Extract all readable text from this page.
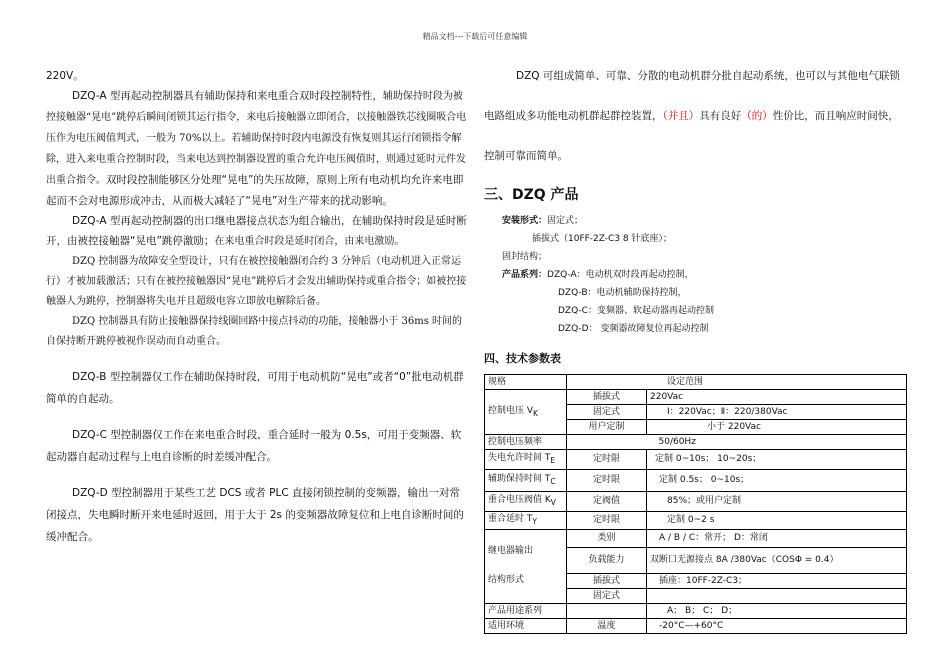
精品文档---下载后可任意编辑

220V。

DZQ-A 型再起动控制器具有辅助保持和来电重合双时段控制特性，辅助保持时段为被控接触器“晃电”跳停后瞬间闭锁其运行指令，来电后接触器立即闭合，以接触器铁芯线圈吸合电压作为电压阀值判式，一般为 70%以上。若辅助保持时段内电源没有恢复则其运行闭锁指令解除，进入来电重合控制时段，当来电达到控制器设置的重合允许电压阀值时，则通过延时元件发出重合指令。双时段控制能够区分处理“晃电”的失压故障，原则上所有电动机均允许来电即起而不会对电源形成冲击，从而极大减轻了“晃电”对生产带来的扰动影响。

DZQ-A 型再起动控制器的出口继电器接点状态为组合输出，在辅助保持时段是延时断开，由被控接触器“晃电”跳停激励；在来电重合时段是延时闭合，由来电激励。

DZQ 控制器为故障安全型设计，只有在被控接触器闭合约 3 分钟后（电动机进入正常运行）才被加载激活；只有在被控接触器因“晃电”跳停后才会发出辅助保持或重合指令；如被控接触器人为跳停，控制器将失电并且超级电容立即放电解除后备。

DZQ 控制器具有防止接触器保持线圈回路中接点抖动的功能，接触器小于 36ms 时间的自保持断开跳停被视作误动而自动重合。

DZQ-B 型控制器仅工作在辅助保持时段，可用于电动机防“晃电”或者“0”批电动机群简单的自起动。

DZQ-C 型控制器仅工作在来电重合时段，重合延时一般为 0.5s，可用于变频器、软起动器自起动过程与上电自诊断的时差缓冲配合。

DZQ-D 型控制器用于某些工艺 DCS 或者 PLC 直接闭锁控制的变频器，输出一对常闭接点，失电瞬时断开来电延时返回，用于大于 2s 的变频器故障复位和上电自诊断时间的缓冲配合。

DZQ 可组成简单、可靠、分散的电动机群分批自起动系统，也可以与其他电气联锁电路组成多功能电动机群起群控装置，（并且）具有良好（的）性价比，而且响应时间快，控制可靠而简单。

三、DZQ 产品
安装形式：固定式；
插拔式（10FF-2Z-C3 8 针底座）；
固封结构；
产品系列：DZQ-A：电动机双时段再起动控制，
DZQ-B：电动机辅助保持控制，
DZQ-C：变频器、软起动器再起动控制
DZQ-D： 变频器故障复位再起动控制
四、技术参数表
规格	设定范围	
控制电压 $V_K$	插拔式	220Vac
	固定式	Ⅰ：220Vac；Ⅱ：220/380Vac
	用户定制	小于 220Vac
控制电压频率		50/60Hz
失电允许时间 $T_E$	定时限	定制 0~10s； 10~20s；
辅助保持时间 $T_C$	定时限	定制 0.5s； 0~10s；
重合电压阀值 $K_V$	定阀值	85%；或用户定制
重合延时 $T_Y$	定时限	定制 0~2 s
继电器输出	类别	A / B / C：常开； D：常闭
	负载能力	双断口无源接点 8A /380Vac（COSΦ = 0.4）
结构形式	插拔式	插座：10FF-2Z-C3；
	固定式	
产品用途系列		A； B； C； D；
适用环境	温度	-20°C—+60°C
